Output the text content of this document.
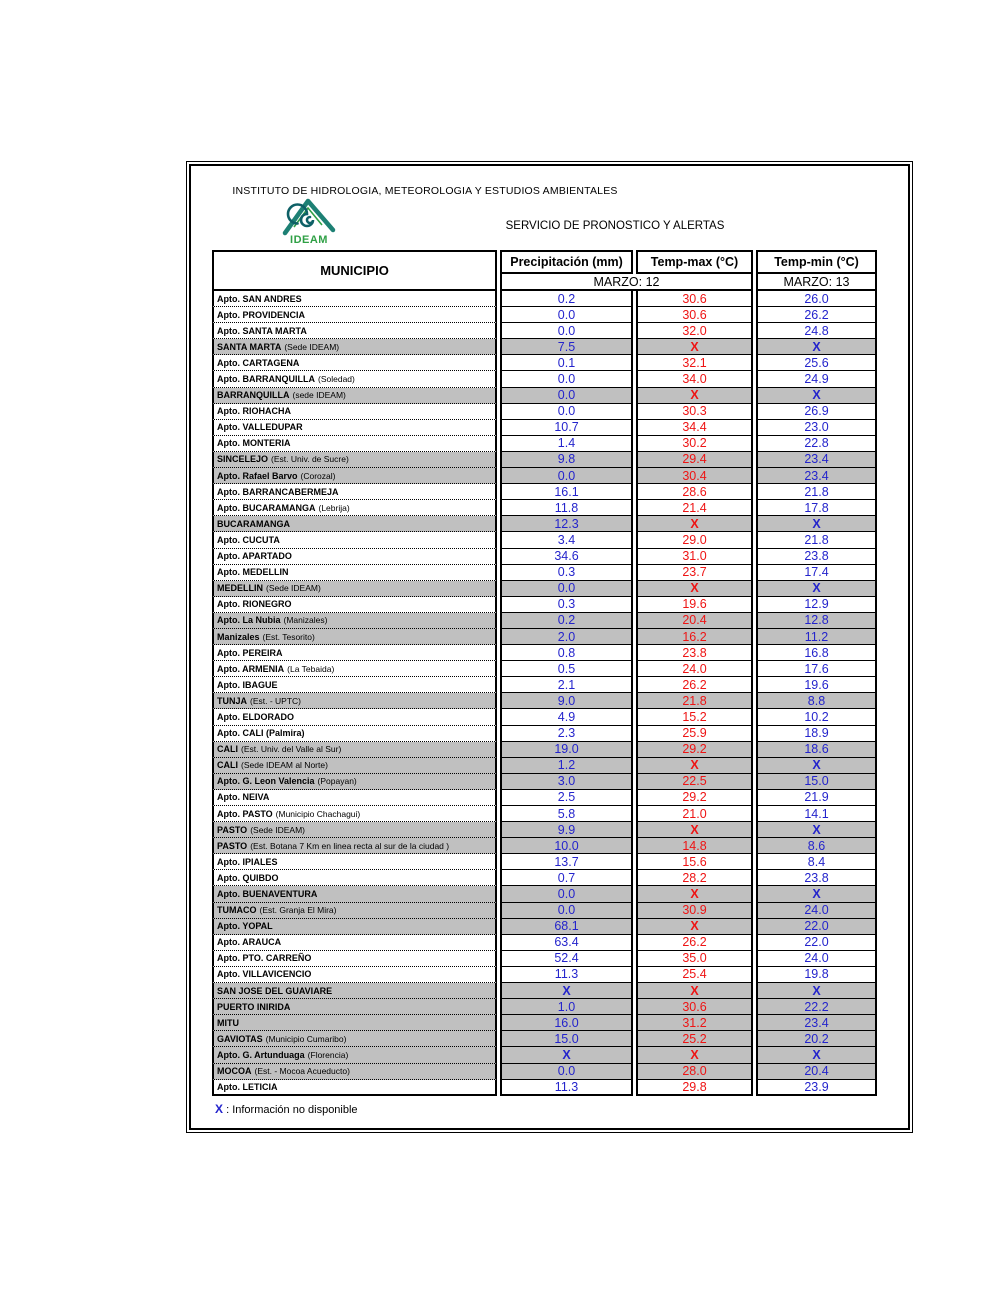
INSTITUTO DE HIDROLOGIA, METEOROLOGIA Y ESTUDIOS AMBIENTALES
IDEAM
SERVICIO DE PRONOSTICO Y ALERTAS
MUNICIPIO
Precipitación (mm)	Temp-max (°C)	Temp-min (°C)
MARZO: 12	MARZO: 13
Apto. SAN ANDRES	0.2	30.6	26.0
Apto. PROVIDENCIA	0.0	30.6	26.2
Apto. SANTA MARTA	0.0	32.0	24.8
SANTA MARTA (Sede IDEAM)	7.5	X	X
Apto. CARTAGENA	0.1	32.1	25.6
Apto. BARRANQUILLA (Soledad)	0.0	34.0	24.9
BARRANQUILLA (sede IDEAM)	0.0	X	X
Apto. RIOHACHA	0.0	30.3	26.9
Apto. VALLEDUPAR	10.7	34.4	23.0
Apto. MONTERIA	1.4	30.2	22.8
SINCELEJO (Est. Univ. de Sucre)	9.8	29.4	23.4
Apto. Rafael Barvo (Corozal)	0.0	30.4	23.4
Apto. BARRANCABERMEJA	16.1	28.6	21.8
Apto. BUCARAMANGA (Lebrija)	11.8	21.4	17.8
BUCARAMANGA	12.3	X	X
Apto. CUCUTA	3.4	29.0	21.8
Apto. APARTADO	34.6	31.0	23.8
Apto. MEDELLIN	0.3	23.7	17.4
MEDELLIN (Sede IDEAM)	0.0	X	X
Apto. RIONEGRO	0.3	19.6	12.9
Apto. La Nubia (Manizales)	0.2	20.4	12.8
Manizales (Est. Tesorito)	2.0	16.2	11.2
Apto. PEREIRA	0.8	23.8	16.8
Apto. ARMENIA (La Tebaida)	0.5	24.0	17.6
Apto. IBAGUE	2.1	26.2	19.6
TUNJA (Est. - UPTC)	9.0	21.8	8.8
Apto. ELDORADO	4.9	15.2	10.2
Apto. CALI (Palmira)	2.3	25.9	18.9
CALI (Est. Univ. del Valle al Sur)	19.0	29.2	18.6
CALI (Sede IDEAM al Norte)	1.2	X	X
Apto. G. Leon Valencia (Popayan)	3.0	22.5	15.0
Apto. NEIVA	2.5	29.2	21.9
Apto. PASTO (Municipio Chachagui)	5.8	21.0	14.1
PASTO (Sede IDEAM)	9.9	X	X
PASTO (Est. Botana 7 Km en linea recta al sur de la ciudad )	10.0	14.8	8.6
Apto. IPIALES	13.7	15.6	8.4
Apto. QUIBDO	0.7	28.2	23.8
Apto. BUENAVENTURA	0.0	X	X
TUMACO (Est. Granja El Mira)	0.0	30.9	24.0
Apto. YOPAL	68.1	X	22.0
Apto. ARAUCA	63.4	26.2	22.0
Apto. PTO. CARREÑO	52.4	35.0	24.0
Apto. VILLAVICENCIO	11.3	25.4	19.8
SAN JOSE DEL GUAVIARE	X	X	X
PUERTO INIRIDA	1.0	30.6	22.2
MITU	16.0	31.2	23.4
GAVIOTAS (Municipio Cumaribo)	15.0	25.2	20.2
Apto. G. Artunduaga (Florencia)	X	X	X
MOCOA (Est. - Mocoa Acueducto)	0.0	28.0	20.4
Apto. LETICIA	11.3	29.8	23.9
X : Información no disponible
